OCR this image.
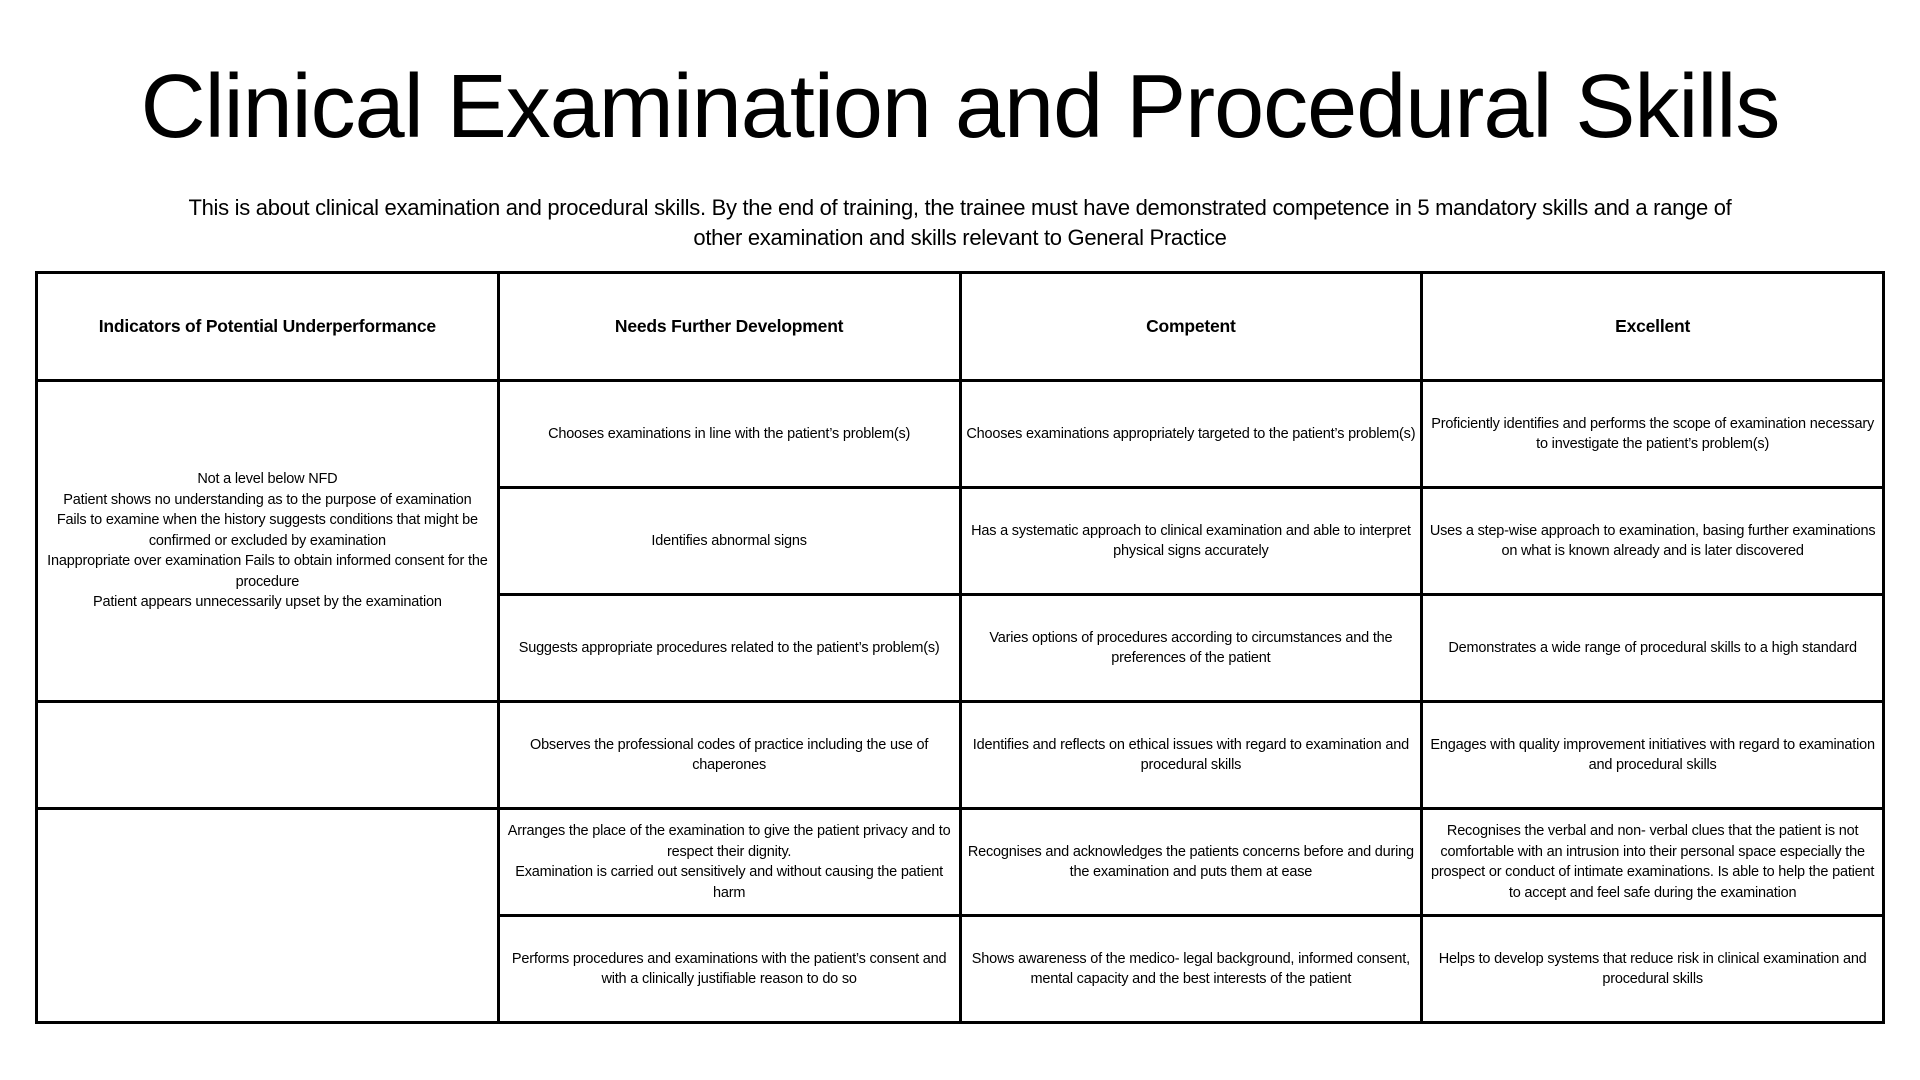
Clinical Examination and Procedural Skills

This is about clinical examination and procedural skills. By the end of training, the trainee must have demonstrated competence in 5 mandatory skills and a range of
other examination and skills relevant to General Practice

Indicators of Potential Underperformance	Needs Further Development	Competent	Excellent

Not a level below NFD
Patient shows no understanding as to the purpose of examination
Fails to examine when the history suggests conditions that might be confirmed or excluded by examination
Inappropriate over examination Fails to obtain informed consent for the procedure
Patient appears unnecessarily upset by the examination	Chooses examinations in line with the patient’s problem(s)	Chooses examinations appropriately targeted to the patient’s problem(s)	Proficiently identifies and performs the scope of examination necessary to investigate the patient’s problem(s)
	Identifies abnormal signs	Has a systematic approach to clinical examination and able to interpret physical signs accurately	Uses a step-wise approach to examination, basing further examinations on what is known already and is later discovered
	Suggests appropriate procedures related to the patient’s problem(s)	Varies options of procedures according to circumstances and the preferences of the patient	Demonstrates a wide range of procedural skills to a high standard
	Observes the professional codes of practice including the use of chaperones	Identifies and reflects on ethical issues with regard to examination and procedural skills	Engages with quality improvement initiatives with regard to examination and procedural skills

	Arranges the place of the examination to give the patient privacy and to respect their dignity.
Examination is carried out sensitively and without causing the patient harm	Recognises and acknowledges the patients concerns before and during the examination and puts them at ease	Recognises the verbal and non- verbal clues that the patient is not comfortable with an intrusion into their personal space especially the prospect or conduct of intimate examinations. Is able to help the patient to accept and feel safe during the examination
	Performs procedures and examinations with the patient’s consent and with a clinically justifiable reason to do so	Shows awareness of the medico- legal background, informed consent, mental capacity and the best interests of the patient	Helps to develop systems that reduce risk in clinical examination and procedural skills
